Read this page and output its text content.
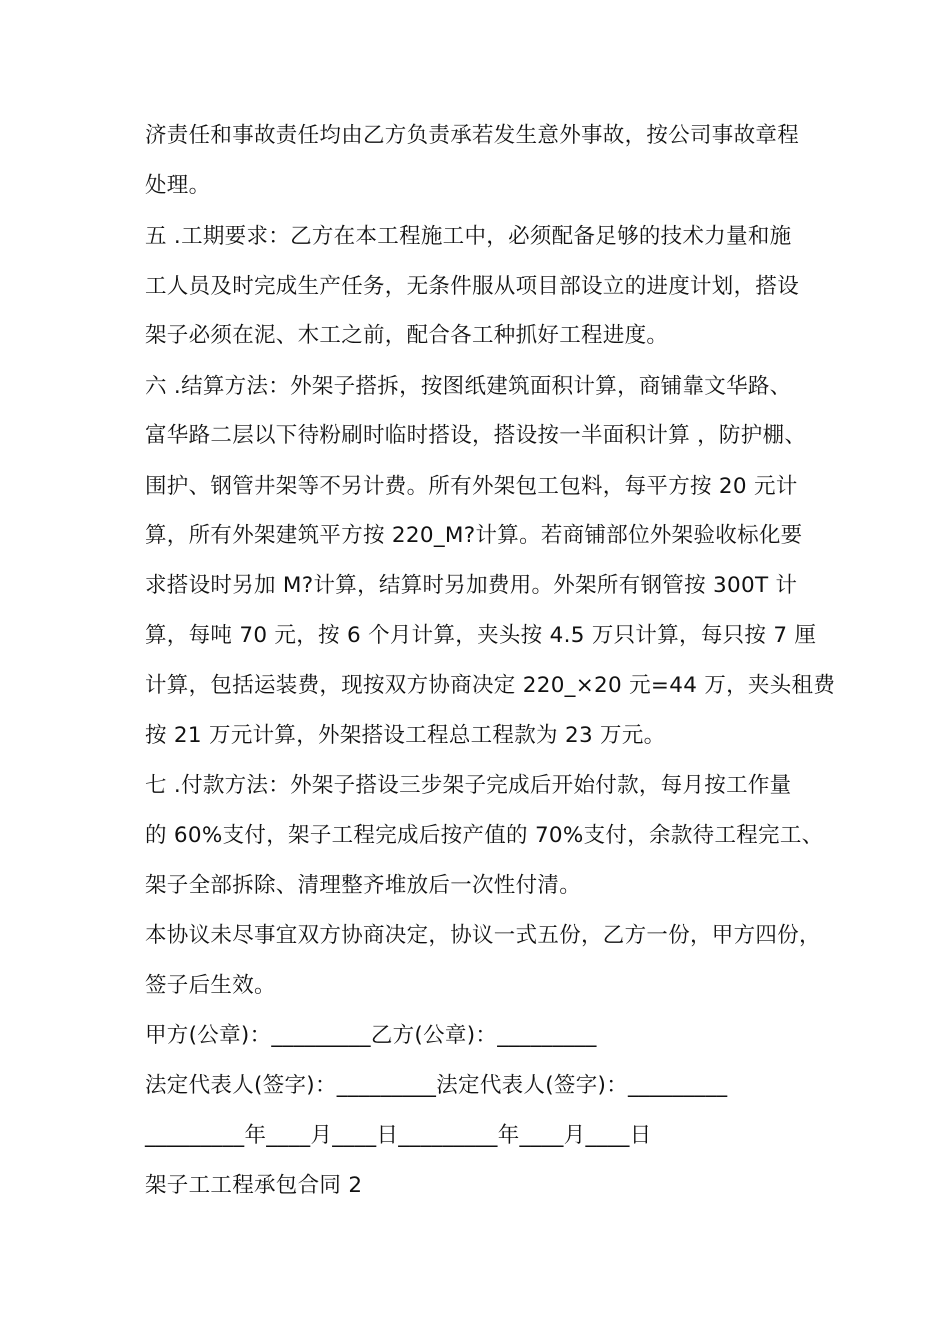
济责任和事故责任均由乙方负责承若发生意外事故，按公司事故章程
处理。
五 .工期要求：乙方在本工程施工中，必须配备足够的技术力量和施
工人员及时完成生产任务，无条件服从项目部设立的进度计划，搭设
架子必须在泥、木工之前，配合各工种抓好工程进度。
六 .结算方法：外架子搭拆，按图纸建筑面积计算，商铺靠文华路、
富华路二层以下待粉刷时临时搭设，搭设按一半面积计算 ，防护棚、
围护、钢管井架等不另计费。所有外架包工包料，每平方按 20 元计
算，所有外架建筑平方按 220_M?计算。若商铺部位外架验收标化要
求搭设时另加 M?计算，结算时另加费用。外架所有钢管按 300T 计
算，每吨 70 元，按 6 个月计算，夹头按 4.5 万只计算，每只按 7 厘
计算，包括运装费，现按双方协商决定 220_×20 元=44 万，夹头租费
按 21 万元计算，外架搭设工程总工程款为 23 万元。
七 .付款方法：外架子搭设三步架子完成后开始付款，每月按工作量
的 60%支付，架子工程完成后按产值的 70%支付，余款待工程完工、
架子全部拆除、清理整齐堆放后一次性付清。
本协议未尽事宜双方协商决定，协议一式五份，乙方一份，甲方四份，
签子后生效。
甲方(公章)：_________乙方(公章)：_________
法定代表人(签字)：_________法定代表人(签字)：_________
_________年____月____日_________年____月____日
架子工工程承包合同 2
